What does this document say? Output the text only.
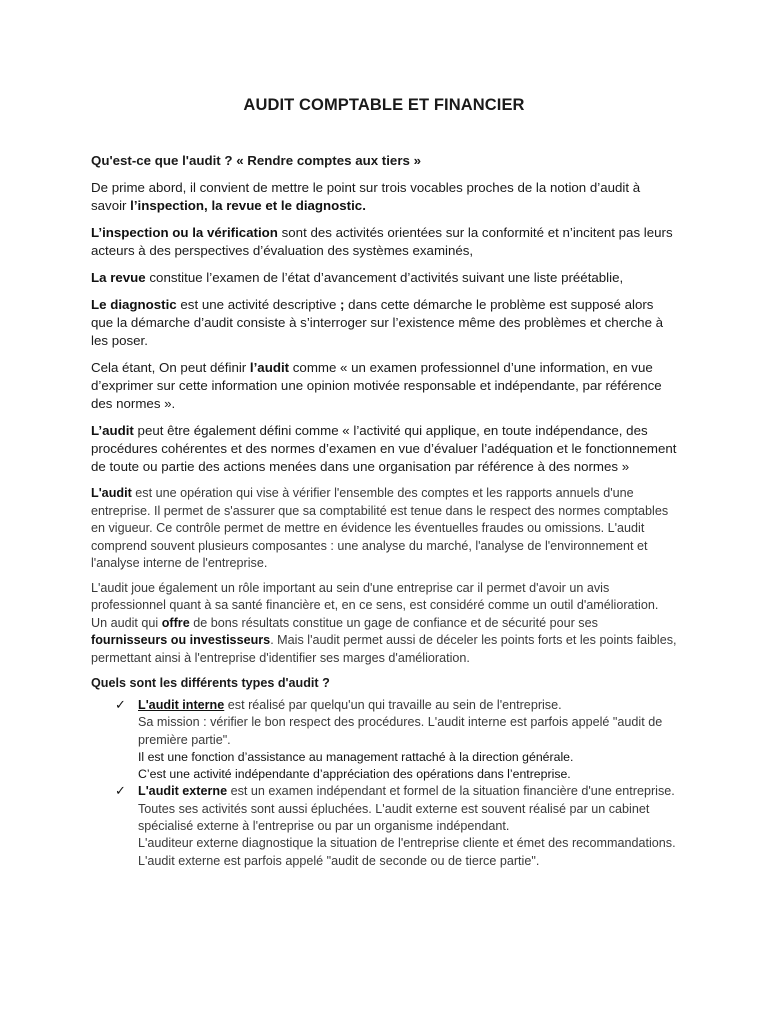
AUDIT COMPTABLE ET FINANCIER

Qu'est-ce que l'audit ? « Rendre comptes aux tiers »

De prime abord, il convient de mettre le point sur trois vocables proches de la notion d’audit à savoir l’inspection, la revue et le diagnostic.

L’inspection ou la vérification sont des activités orientées sur la conformité et n’incitent pas leurs acteurs à des perspectives d’évaluation des systèmes examinés,

La revue constitue l’examen de l’état d’avancement d’activités suivant une liste préétablie,

Le diagnostic est une activité descriptive ; dans cette démarche le problème est supposé alors que la démarche d’audit consiste à s’interroger sur l’existence même des problèmes et cherche à les poser.

Cela étant, On peut définir l’audit comme « un examen professionnel d’une information, en vue d’exprimer sur cette information une opinion motivée responsable et indépendante, par référence des normes ».

L’audit peut être également défini comme « l’activité qui applique, en toute indépendance, des procédures cohérentes et des normes d’examen en vue d’évaluer l’adéquation et le fonctionnement de toute ou partie des actions menées dans une organisation par référence à des normes »

L'audit est une opération qui vise à vérifier l'ensemble des comptes et les rapports annuels d'une entreprise. Il permet de s'assurer que sa comptabilité est tenue dans le respect des normes comptables en vigueur. Ce contrôle permet de mettre en évidence les éventuelles fraudes ou omissions. L'audit comprend souvent plusieurs composantes : une analyse du marché, l'analyse de l'environnement et l'analyse interne de l'entreprise.

L'audit joue également un rôle important au sein d'une entreprise car il permet d'avoir un avis professionnel quant à sa santé financière et, en ce sens, est considéré comme un outil d'amélioration. Un audit qui offre de bons résultats constitue un gage de confiance et de sécurité pour ses fournisseurs ou investisseurs. Mais l'audit permet aussi de déceler les points forts et les points faibles, permettant ainsi à l'entreprise d'identifier ses marges d'amélioration.

Quels sont les différents types d'audit ?

✓ L'audit interne est réalisé par quelqu'un qui travaille au sein de l'entreprise.
Sa mission : vérifier le bon respect des procédures. L'audit interne est parfois appelé "audit de première partie".
Il est une fonction d’assistance au management rattaché à la direction générale.
C’est une activité indépendante d’appréciation des opérations dans l’entreprise.
✓ L'audit externe est un examen indépendant et formel de la situation financière d'une entreprise.
Toutes ses activités sont aussi épluchées. L'audit externe est souvent réalisé par un cabinet spécialisé externe à l'entreprise ou par un organisme indépendant.
L'auditeur externe diagnostique la situation de l'entreprise cliente et émet des recommandations.
L'audit externe est parfois appelé "audit de seconde ou de tierce partie".
